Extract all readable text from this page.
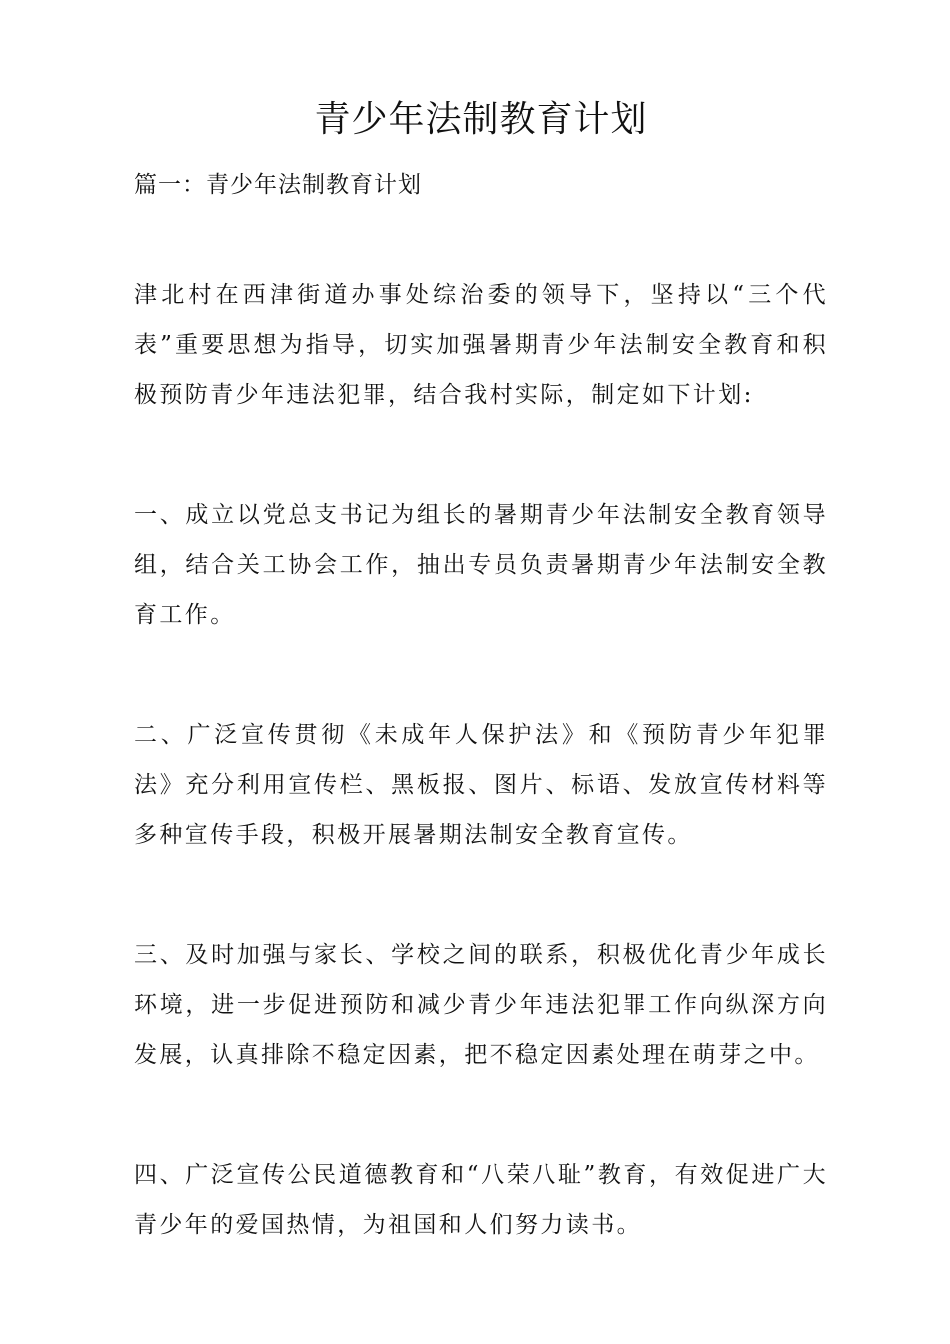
青少年法制教育计划

篇一：青少年法制教育计划

津北村在西津街道办事处综治委的领导下，坚持以“三个代表”重要思想为指导，切实加强暑期青少年法制安全教育和积极预防青少年违法犯罪，结合我村实际，制定如下计划:

一、成立以党总支书记为组长的暑期青少年法制安全教育领导组，结合关工协会工作，抽出专员负责暑期青少年法制安全教育工作。

二、广泛宣传贯彻《未成年人保护法》和《预防青少年犯罪法》充分利用宣传栏、黑板报、图片、标语、发放宣传材料等多种宣传手段，积极开展暑期法制安全教育宣传。

三、及时加强与家长、学校之间的联系，积极优化青少年成长环境，进一步促进预防和减少青少年违法犯罪工作向纵深方向发展，认真排除不稳定因素，把不稳定因素处理在萌芽之中。

四、广泛宣传公民道德教育和“八荣八耻”教育，有效促进广大青少年的爱国热情，为祖国和人们努力读书。
